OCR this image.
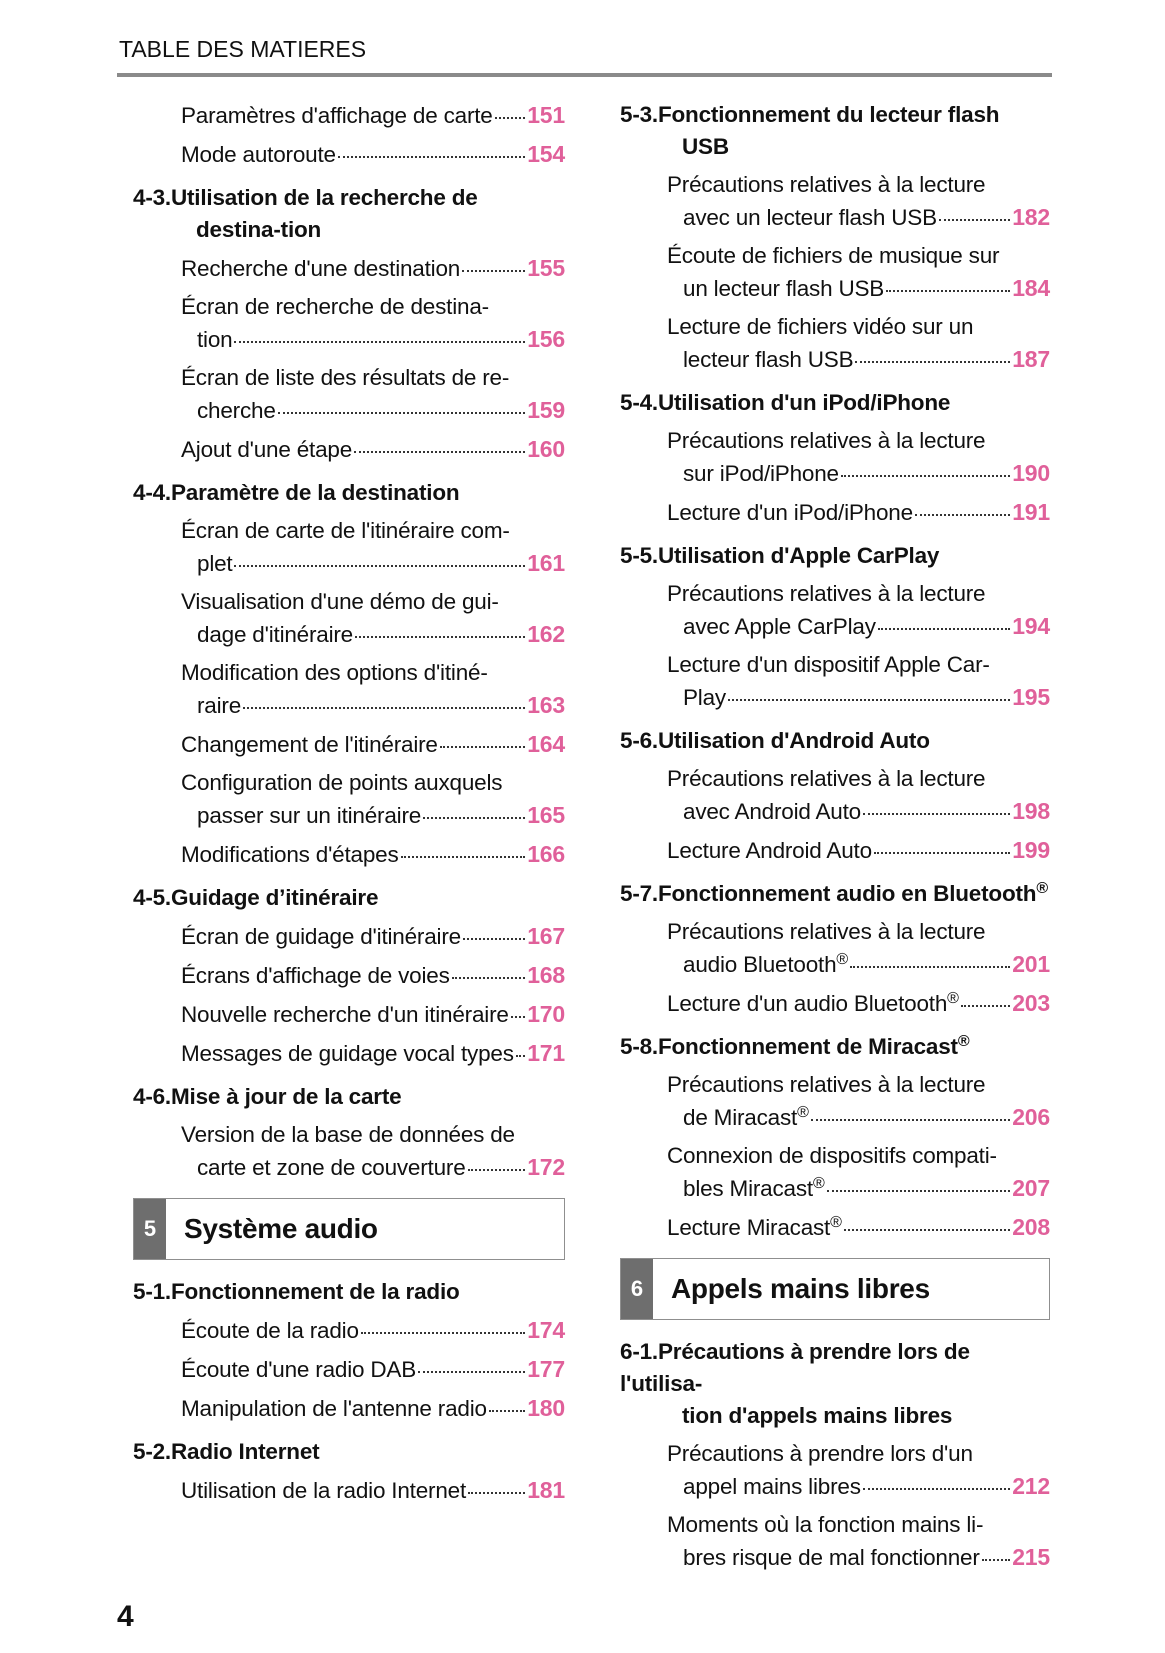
TABLE DES MATIERES
Paramètres d'affichage de carte 151
Mode autoroute	154
4-3.Utilisation de la recherche de destina-tion
Recherche d'une destination	155
Écran de recherche de destina-
tion	156
Écran de liste des résultats de re-
cherche	159
Ajout d'une étape	160
4-4.Paramètre de la destination
Écran de carte de l'itinéraire com-
plet	161
Visualisation d'une démo de gui-
dage d'itinéraire	162
Modification des options d'itiné-
raire	163
Changement de l'itinéraire	164
Configuration de points auxquels
passer sur un itinéraire	165
Modifications d'étapes	166
4-5.Guidage d’itinéraire
Écran de guidage d'itinéraire	167
Écrans d'affichage de voies	168
Nouvelle recherche d'un itinéraire 170
Messages de guidage vocal types 171
4-6.Mise à jour de la carte
Version de la base de données de
carte et zone de couverture	172
5 Système audio
5-1.Fonctionnement de la radio
Écoute de la radio	174
Écoute d'une radio DAB	177
Manipulation de l'antenne radio 180
5-2.Radio Internet
Utilisation de la radio Internet	181
5-3.Fonctionnement du lecteur flash USB
Précautions relatives à la lecture
avec un lecteur flash USB	182
Écoute de fichiers de musique sur
un lecteur flash USB	184
Lecture de fichiers vidéo sur un
lecteur flash USB	187
5-4.Utilisation d'un iPod/iPhone
Précautions relatives à la lecture
sur iPod/iPhone	190
Lecture d'un iPod/iPhone	191
5-5.Utilisation d'Apple CarPlay
Précautions relatives à la lecture
avec Apple CarPlay	194
Lecture d'un dispositif Apple Car-
Play	195
5-6.Utilisation d'Android Auto
Précautions relatives à la lecture
avec Android Auto	198
Lecture Android Auto	199
5-7.Fonctionnement audio en Bluetooth®
Précautions relatives à la lecture
audio Bluetooth®	201
Lecture d'un audio Bluetooth® 203
5-8.Fonctionnement de Miracast®
Précautions relatives à la lecture
de Miracast®	206
Connexion de dispositifs compati-
bles Miracast®	207
Lecture Miracast®	208
6 Appels mains libres
6-1.Précautions à prendre lors de l'utilisa-
tion d'appels mains libres
Précautions à prendre lors d'un
appel mains libres	212
Moments où la fonction mains li-
bres risque de mal fonctionner 215
4
